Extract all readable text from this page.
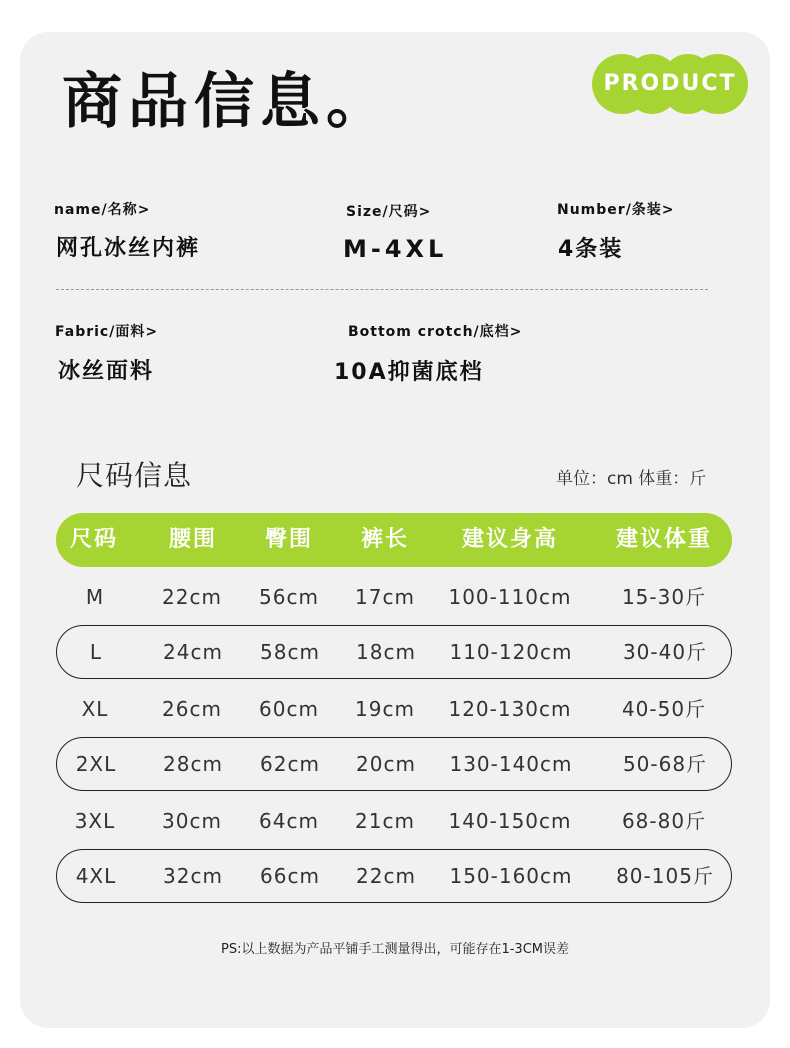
商品信息。	PRODUCT
name/名称>
网孔冰丝内裤
Size/尺码>
M-4XL
Number/条装>
4条装
Fabric/面料>
冰丝面料
Bottom crotch/底档>
10A抑菌底档
尺码信息	单位：cm 体重：斤
尺码	腰围	臀围	裤长	建议身高	建议体重
M	22cm	56cm	17cm	100-110cm	15-30斤
L	24cm	58cm	18cm	110-120cm	30-40斤
XL	26cm	60cm	19cm	120-130cm	40-50斤
2XL	28cm	62cm	20cm	130-140cm	50-68斤
3XL	30cm	64cm	21cm	140-150cm	68-80斤
4XL	32cm	66cm	22cm	150-160cm	80-105斤
PS:以上数据为产品平铺手工测量得出，可能存在1-3CM误差
